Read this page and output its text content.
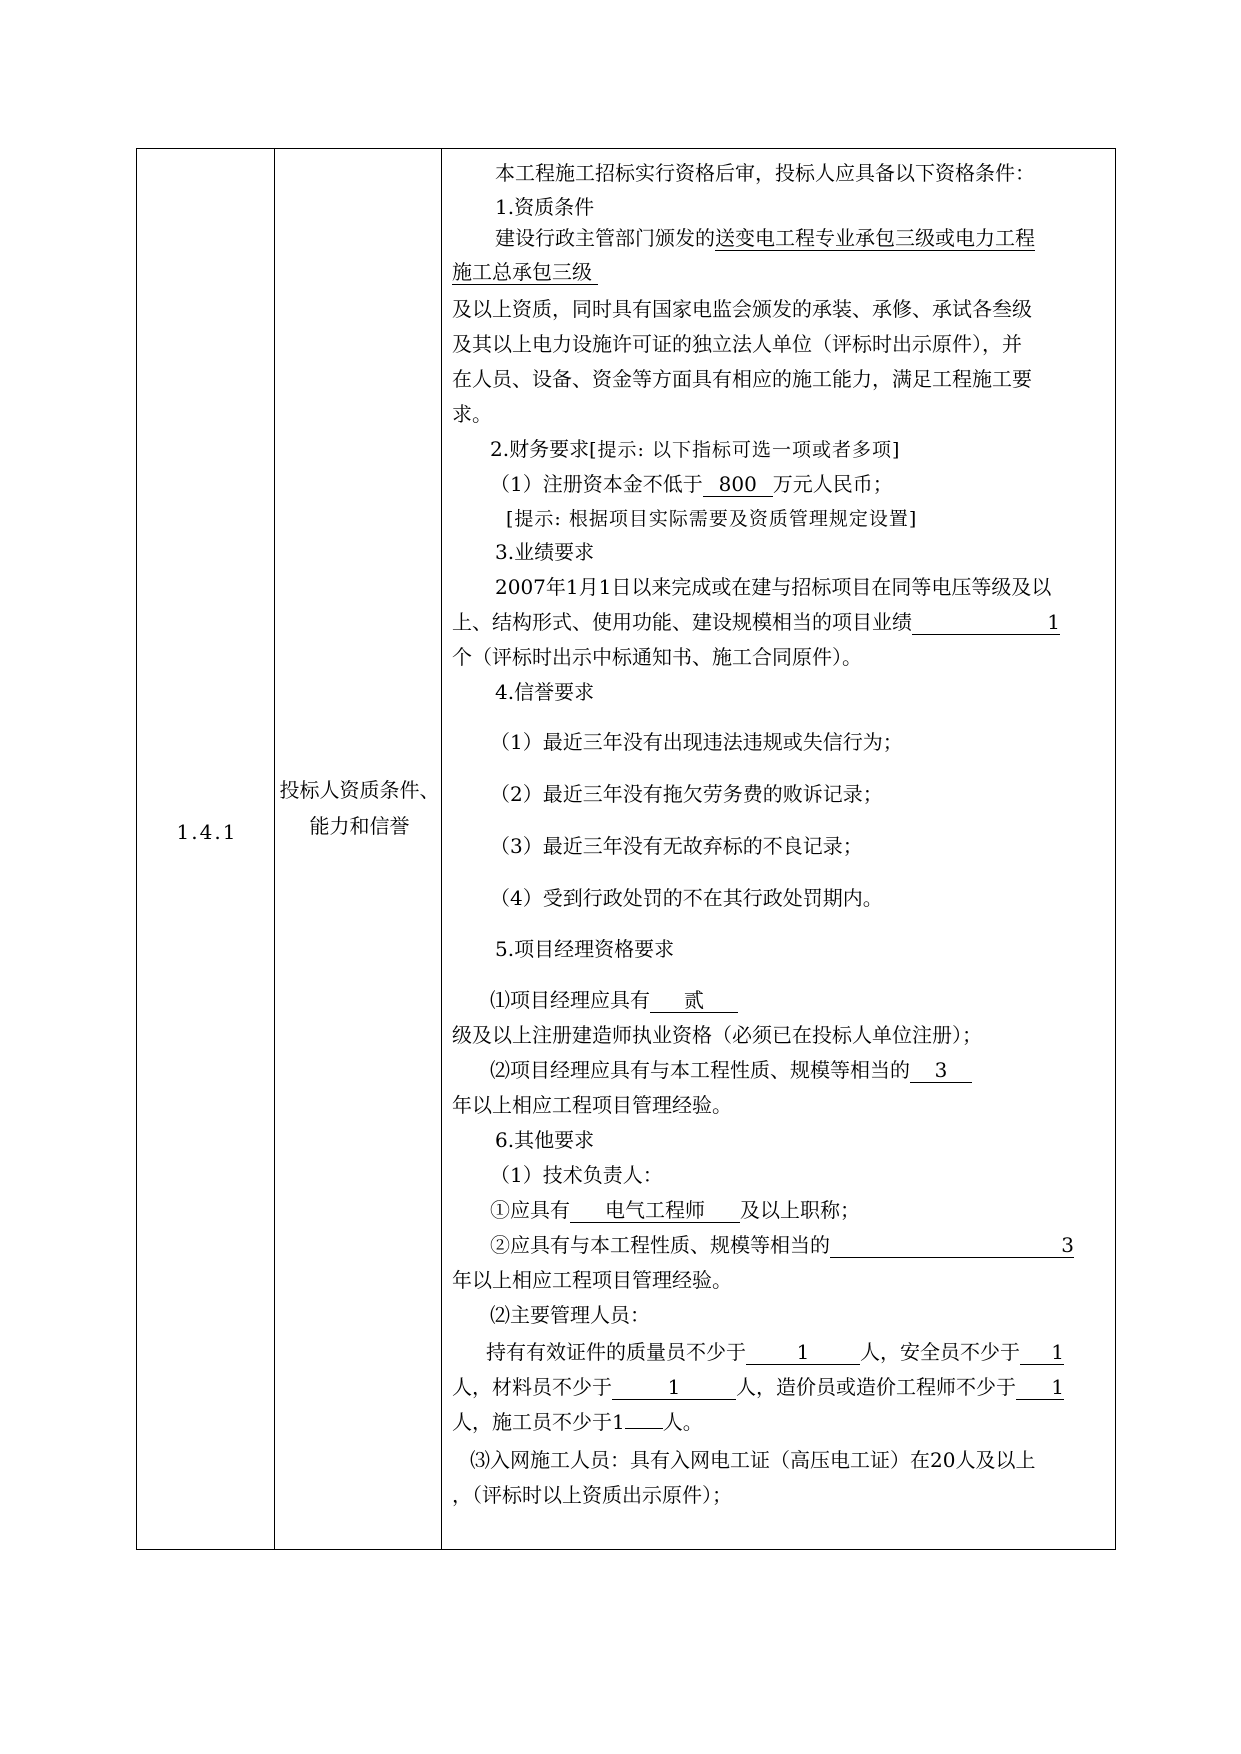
1.4.1
投标人资质条件、能力和信誉
本工程施工招标实行资格后审，投标人应具备以下资格条件：
1.资质条件
建设行政主管部门颁发的送变电工程专业承包三级或电力工程
施工总承包三级
及以上资质，同时具有国家电监会颁发的承装、承修、承试各叁级
及其以上电力设施许可证的独立法人单位（评标时出示原件），并
在人员、设备、资金等方面具有相应的施工能力，满足工程施工要
求。
2.财务要求[提示: 以下指标可选一项或者多项]
（1）注册资本金不低于 800 万元人民币；
[提示: 根据项目实际需要及资质管理规定设置]
3.业绩要求
2007年1月1日以来完成或在建与招标项目在同等电压等级及以
上、结构形式、使用功能、建设规模相当的项目业绩	1
个（评标时出示中标通知书、施工合同原件）。
4.信誉要求
（1）最近三年没有出现违法违规或失信行为；
（2）最近三年没有拖欠劳务费的败诉记录；
（3）最近三年没有无故弃标的不良记录；
（4）受到行政处罚的不在其行政处罚期内。
5.项目经理资格要求
⑴项目经理应具有 贰
级及以上注册建造师执业资格（必须已在投标人单位注册）；
⑵项目经理应具有与本工程性质、规模等相当的 3
年以上相应工程项目管理经验。
6.其他要求
（1）技术负责人：
①应具有 电气工程师 及以上职称；
②应具有与本工程性质、规模等相当的	3
年以上相应工程项目管理经验。
⑵主要管理人员：
持有有效证件的质量员不少于	1	人，安全员不少于 1
人，材料员不少于	1	人，造价员或造价工程师不少于 1
人，施工员不少于1 人。
⑶入网施工人员：具有入网电工证（高压电工证）在20人及以上
，（评标时以上资质出示原件）；
